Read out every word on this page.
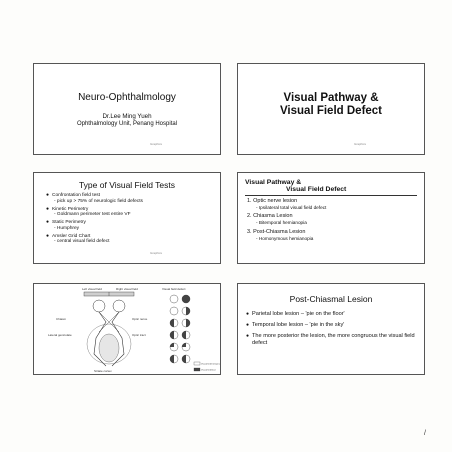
Neuro-Ophthalmology
Dr.Lee Ming Yueh
Ophthalmology Unit, Penang Hospital
Graphics
Visual Pathway &
Visual Field Defect
Graphics
Type of Visual Field Tests
● Confrontation field test
- pick up > 75% of neurologic field defects
● Kinetic Perimetry
- Goldmann perimeter test entire VF
● Static Perimetry
- Humphrey
● Amsler Grid Chart
- central visual field defect
Graphics
Visual Pathway &
Visual Field Defect
1. Optic nerve lesion
- Ipsilateral total visual field defect
2. Chiasma Lesion
- Bitemporal hemianopia
3. Post-Chiasma Lesion
- Homonymous hemianopia
Left visual field	Right visual field
Chiasm	Optic nerve
Lateral geniculate	Optic tract
Striate cortex
Visual field defect
Visual field remains
Visual field lost
Post-Chiasmal Lesion
● Parietal lobe lesion – 'pie on the floor'
● Temporal lobe lesion – 'pie in the sky'
● The more posterior the lesion, the more congruous the visual field defect
/
